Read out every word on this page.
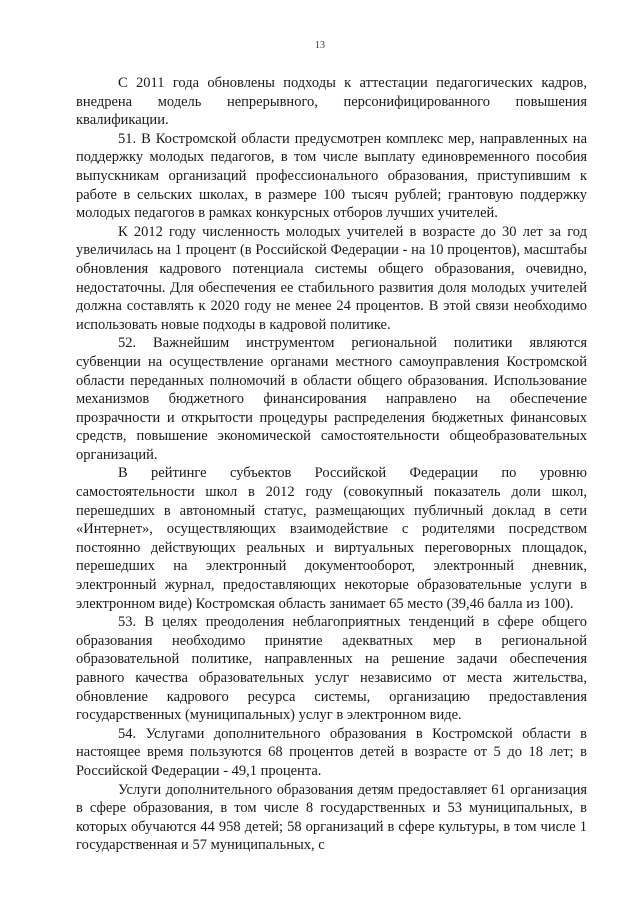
13

С 2011 года обновлены подходы к аттестации педагогических кадров, внедрена модель непрерывного, персонифицированного повышения квалификации.

51. В Костромской области предусмотрен комплекс мер, направленных на поддержку молодых педагогов, в том числе выплату единовременного пособия выпускникам организаций профессионального образования, приступившим к работе в сельских школах, в размере 100 тысяч рублей; грантовую поддержку молодых педагогов в рамках конкурсных отборов лучших учителей.

К 2012 году численность молодых учителей в возрасте до 30 лет за год увеличилась на 1 процент (в Российской Федерации - на 10 процентов), масштабы обновления кадрового потенциала системы общего образования, очевидно, недостаточны. Для обеспечения ее стабильного развития доля молодых учителей должна составлять к 2020 году не менее 24 процентов. В этой связи необходимо использовать новые подходы в кадровой политике.

52. Важнейшим инструментом региональной политики являются субвенции на осуществление органами местного самоуправления Костромской области переданных полномочий в области общего образования. Использование механизмов бюджетного финансирования направлено на обеспечение прозрачности и открытости процедуры распределения бюджетных финансовых средств, повышение экономической самостоятельности общеобразовательных организаций.

В рейтинге субъектов Российской Федерации по уровню самостоятельности школ в 2012 году (совокупный показатель доли школ, перешедших в автономный статус, размещающих публичный доклад в сети «Интернет», осуществляющих взаимодействие с родителями посредством постоянно действующих реальных и виртуальных переговорных площадок, перешедших на электронный документооборот, электронный дневник, электронный журнал, предоставляющих некоторые образовательные услуги в электронном виде) Костромская область занимает 65 место (39,46 балла из 100).

53. В целях преодоления неблагоприятных тенденций в сфере общего образования необходимо принятие адекватных мер в региональной образовательной политике, направленных на решение задачи обеспечения равного качества образовательных услуг независимо от места жительства, обновление кадрового ресурса системы, организацию предоставления государственных (муниципальных) услуг в электронном виде.

54. Услугами дополнительного образования в Костромской области в настоящее время пользуются 68 процентов детей в возрасте от 5 до 18 лет; в Российской Федерации - 49,1 процента.

Услуги дополнительного образования детям предоставляет 61 организация в сфере образования, в том числе 8 государственных и 53 муниципальных, в которых обучаются 44 958 детей; 58 организаций в сфере культуры, в том числе 1 государственная и 57 муниципальных, с
